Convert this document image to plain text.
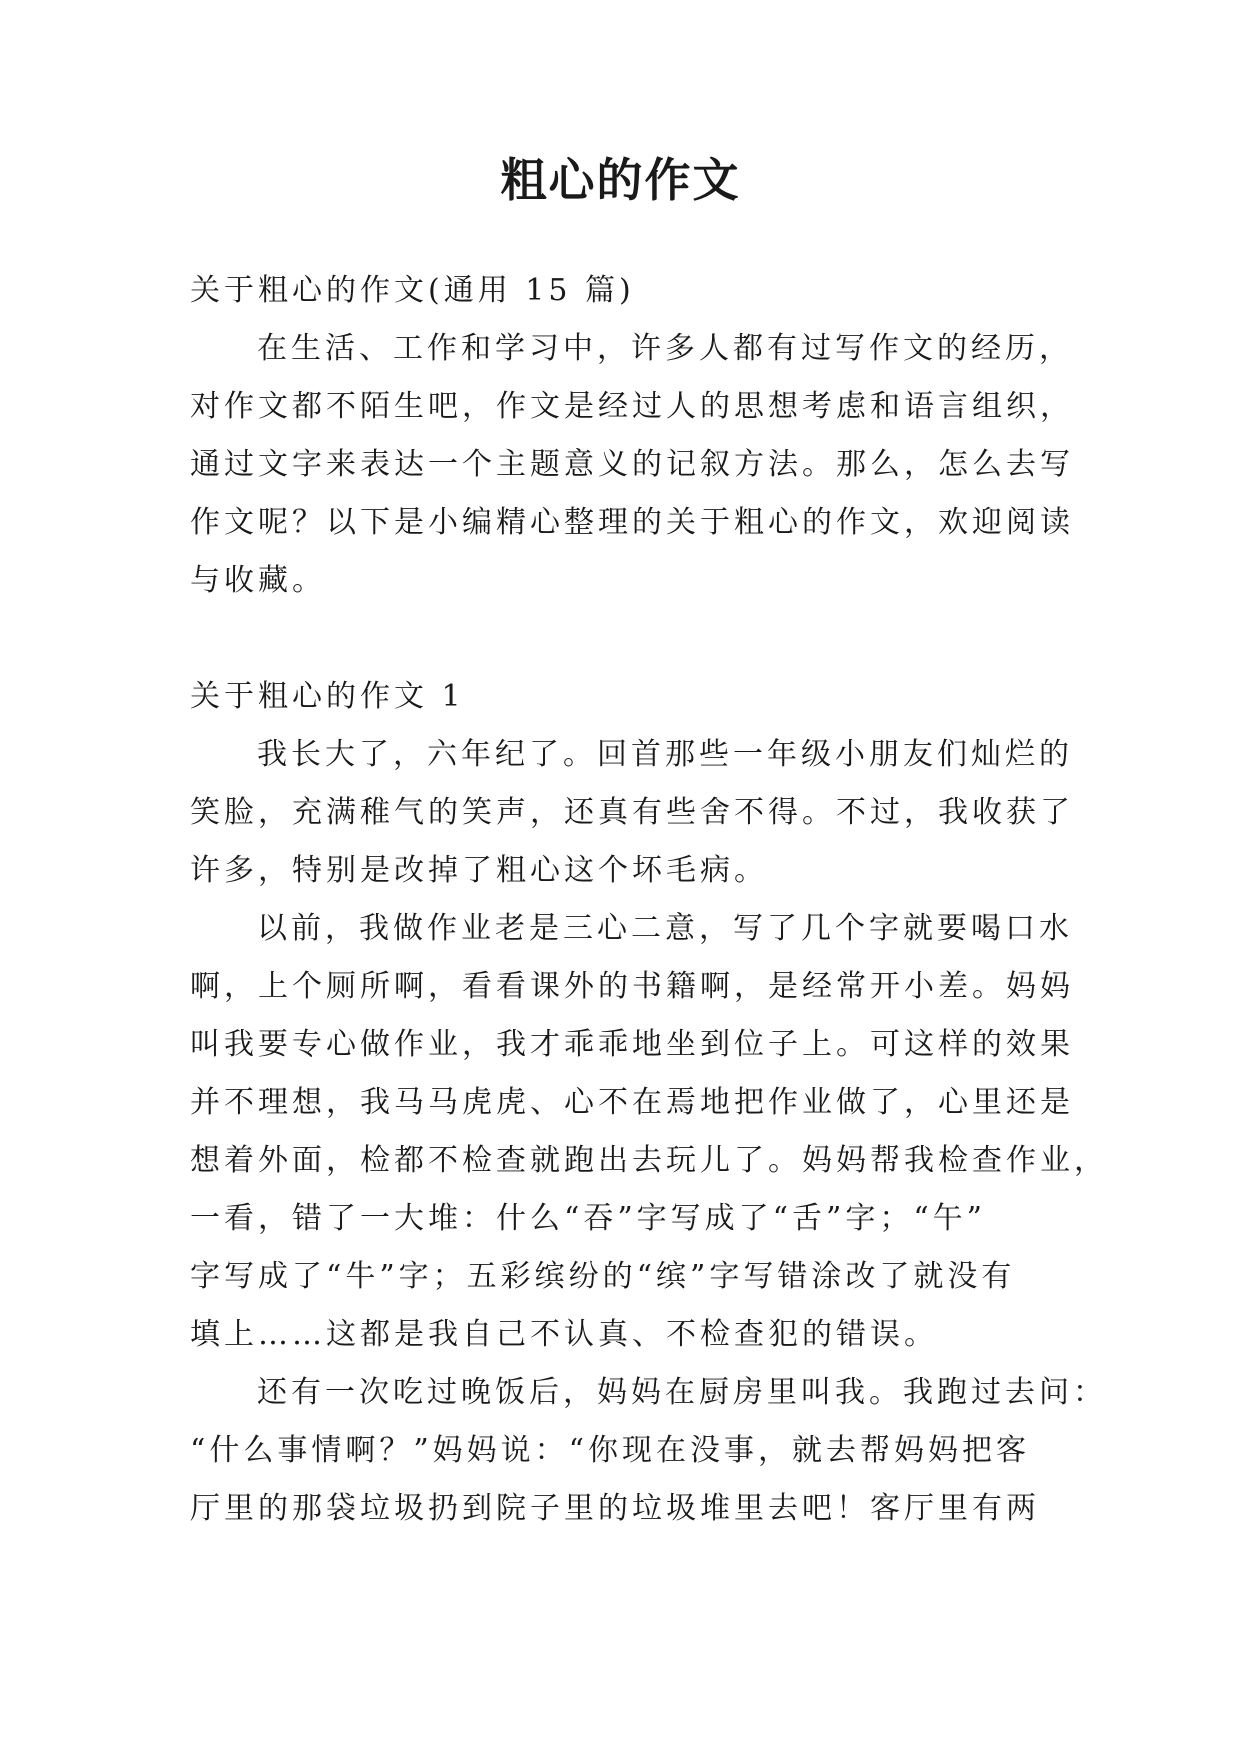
粗心的作文

关于粗心的作文(通用 15 篇)

在生活、工作和学习中，许多人都有过写作文的经历，

对作文都不陌生吧，作文是经过人的思想考虑和语言组织，

通过文字来表达一个主题意义的记叙方法。那么，怎么去写

作文呢？以下是小编精心整理的关于粗心的作文，欢迎阅读

与收藏。

关于粗心的作文 1

我长大了，六年纪了。回首那些一年级小朋友们灿烂的

笑脸，充满稚气的笑声，还真有些舍不得。不过，我收获了

许多，特别是改掉了粗心这个坏毛病。

以前，我做作业老是三心二意，写了几个字就要喝口水

啊，上个厕所啊，看看课外的书籍啊，是经常开小差。妈妈

叫我要专心做作业，我才乖乖地坐到位子上。可这样的效果

并不理想，我马马虎虎、心不在焉地把作业做了，心里还是

想着外面，检都不检查就跑出去玩儿了。妈妈帮我检查作业，

一看，错了一大堆：什么“吞”字写成了“舌”字；“午”

字写成了“牛”字；五彩缤纷的“缤”字写错涂改了就没有

填上……这都是我自己不认真、不检查犯的错误。

还有一次吃过晚饭后，妈妈在厨房里叫我。我跑过去问：

“什么事情啊？”妈妈说：“你现在没事，就去帮妈妈把客

厅里的那袋垃圾扔到院子里的垃圾堆里去吧！客厅里有两
